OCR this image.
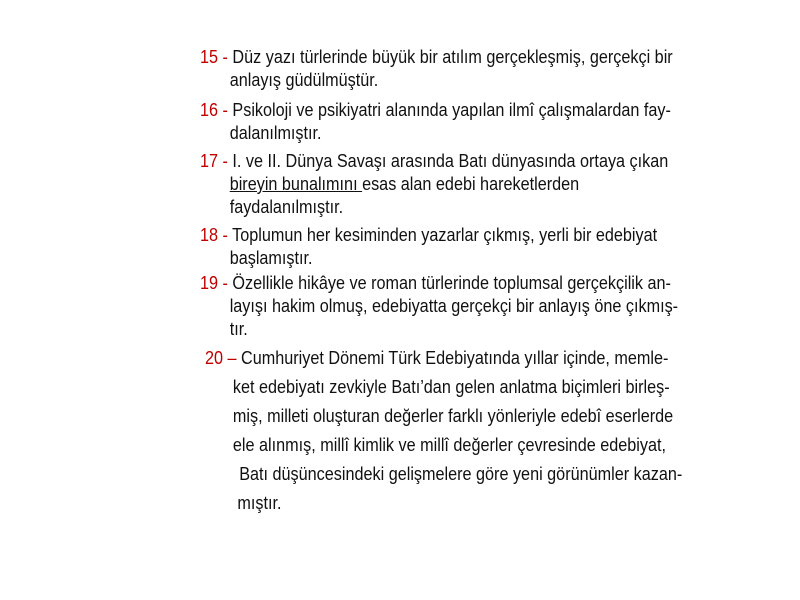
15 - Düz yazı türlerinde büyük bir atılım gerçekleşmiş, gerçekçi bir
anlayış güdülmüştür.
16 - Psikoloji ve psikiyatri alanında yapılan ilmî çalışmalardan fay-
dalanılmıştır.
17 - I. ve II. Dünya Savaşı arasında Batı dünyasında ortaya çıkan
bireyin bunalımını esas alan edebi hareketlerden
faydalanılmıştır.
18 - Toplumun her kesiminden yazarlar çıkmış, yerli bir edebiyat
başlamıştır.
19 - Özellikle hikâye ve roman türlerinde toplumsal gerçekçilik an-
layışı hakim olmuş, edebiyatta gerçekçi bir anlayış öne çıkmış-
tır.
20 – Cumhuriyet Dönemi Türk Edebiyatında yıllar içinde, memle-
ket edebiyatı zevkiyle Batı’dan gelen anlatma biçimleri birleş-
miş, milleti oluşturan değerler farklı yönleriyle edebî eserlerde
ele alınmış, millî kimlik ve millî değerler çevresinde edebiyat,
Batı düşüncesindeki gelişmelere göre yeni görünümler kazan-
mıştır.
